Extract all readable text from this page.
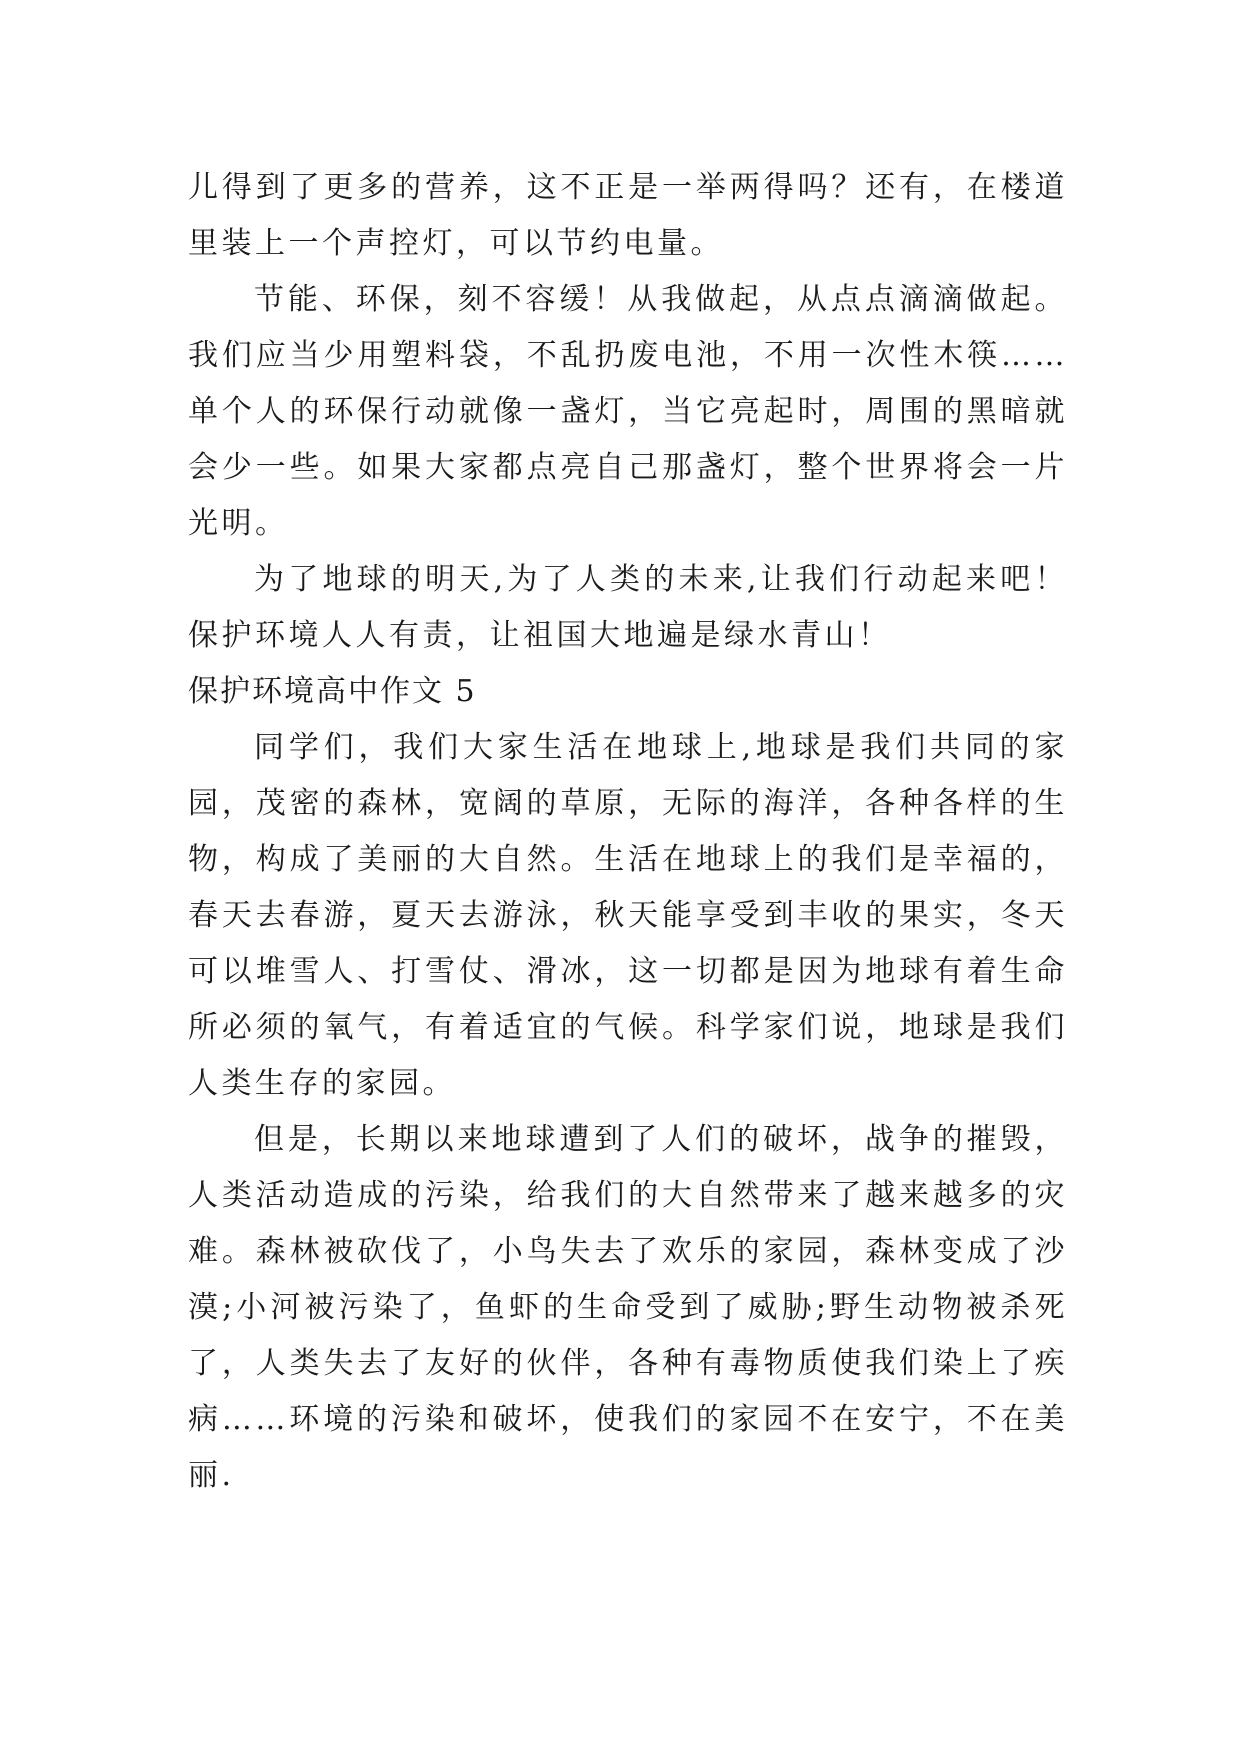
儿得到了更多的营养，这不正是一举两得吗？还有，在楼道里装上一个声控灯，可以节约电量。

节能、环保，刻不容缓！从我做起，从点点滴滴做起。我们应当少用塑料袋，不乱扔废电池，不用一次性木筷……单个人的环保行动就像一盏灯，当它亮起时，周围的黑暗就会少一些。如果大家都点亮自己那盏灯，整个世界将会一片光明。

为了地球的明天,为了人类的未来,让我们行动起来吧！保护环境人人有责，让祖国大地遍是绿水青山！

保护环境高中作文 5

同学们，我们大家生活在地球上,地球是我们共同的家园，茂密的森林，宽阔的草原，无际的海洋，各种各样的生物，构成了美丽的大自然。生活在地球上的我们是幸福的，春天去春游，夏天去游泳，秋天能享受到丰收的果实，冬天可以堆雪人、打雪仗、滑冰，这一切都是因为地球有着生命所必须的氧气，有着适宜的气候。科学家们说，地球是我们人类生存的家园。

但是，长期以来地球遭到了人们的破坏，战争的摧毁，人类活动造成的污染，给我们的大自然带来了越来越多的灾难。森林被砍伐了，小鸟失去了欢乐的家园，森林变成了沙漠;小河被污染了，鱼虾的生命受到了威胁;野生动物被杀死了，人类失去了友好的伙伴，各种有毒物质使我们染上了疾病……环境的污染和破坏，使我们的家园不在安宁，不在美丽.
